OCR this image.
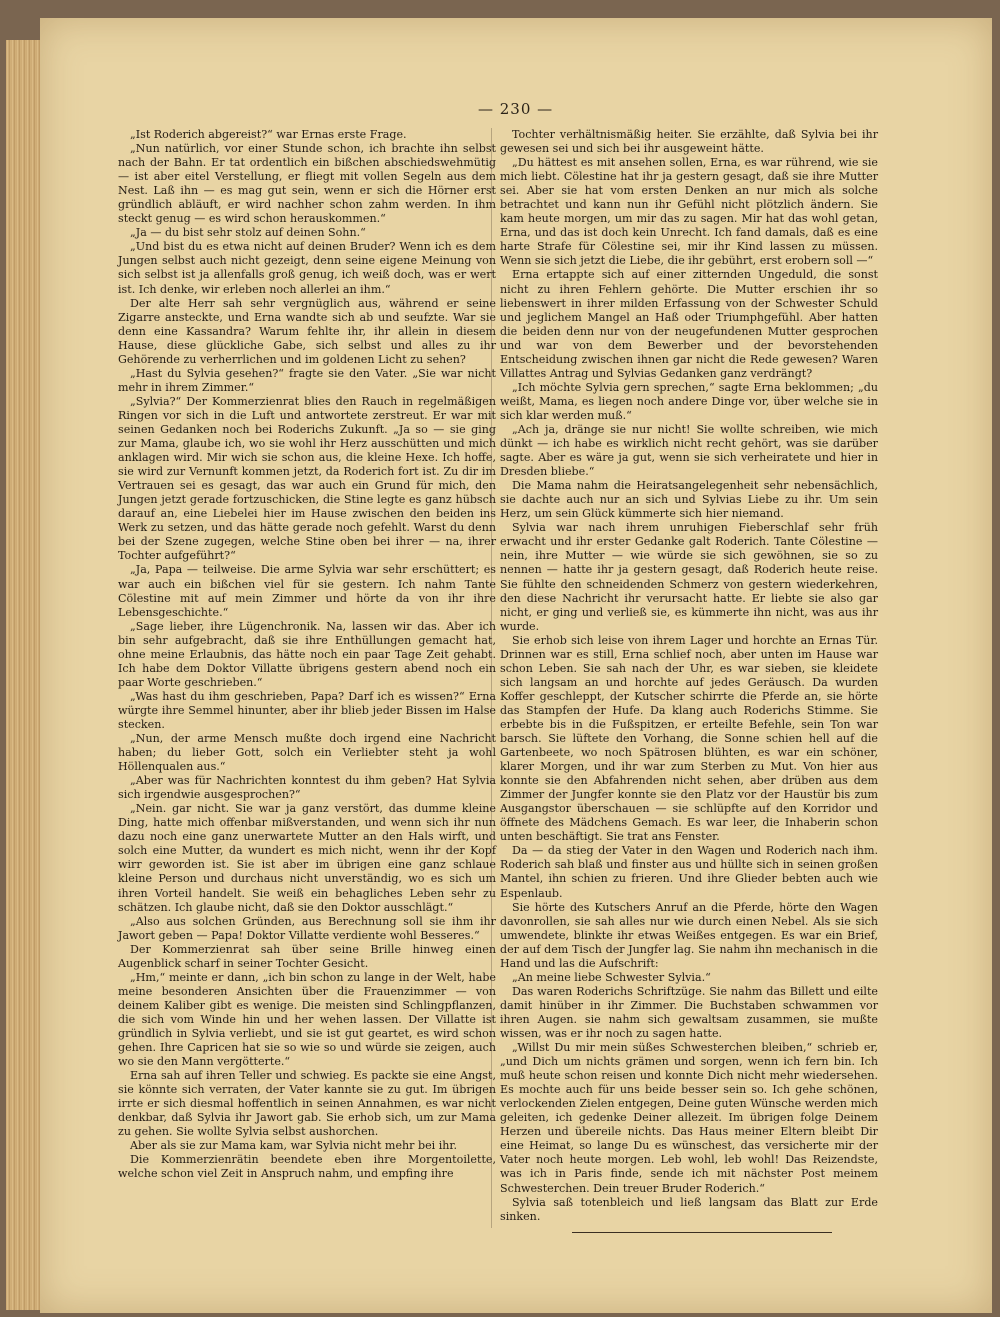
— 230 —

„Ist Roderich abgereist?“ war Ernas erste Frage.

„Nun natürlich, vor einer Stunde schon, ich brachte ihn selbst nach der Bahn. Er tat ordentlich ein bißchen abschiedswehmütig — ist aber eitel Verstellung, er fliegt mit vollen Segeln aus dem Nest. Laß ihn — es mag gut sein, wenn er sich die Hörner erst gründlich abläuft, er wird nachher schon zahm werden. In ihm steckt genug — es wird schon herauskommen.“

„Ja — du bist sehr stolz auf deinen Sohn.“

„Und bist du es etwa nicht auf deinen Bruder? Wenn ich es dem Jungen selbst auch nicht gezeigt, denn seine eigene Meinung von sich selbst ist ja allenfalls groß genug, ich weiß doch, was er wert ist. Ich denke, wir erleben noch allerlei an ihm.“

Der alte Herr sah sehr vergnüglich aus, während er seine Zigarre ansteckte, und Erna wandte sich ab und seufzte. War sie denn eine Kassandra? Warum fehlte ihr, ihr allein in diesem Hause, diese glückliche Gabe, sich selbst und alles zu ihr Gehörende zu verherrlichen und im goldenen Licht zu sehen?

„Hast du Sylvia gesehen?“ fragte sie den Vater. „Sie war nicht mehr in ihrem Zimmer.“

„Sylvia?“ Der Kommerzienrat blies den Rauch in regelmäßigen Ringen vor sich in die Luft und antwortete zerstreut. Er war mit seinen Gedanken noch bei Roderichs Zukunft. „Ja so — sie ging zur Mama, glaube ich, wo sie wohl ihr Herz ausschütten und mich anklagen wird. Mir wich sie schon aus, die kleine Hexe. Ich hoffe, sie wird zur Vernunft kommen jetzt, da Roderich fort ist. Zu dir im Vertrauen sei es gesagt, das war auch ein Grund für mich, den Jungen jetzt gerade fortzuschicken, die Stine legte es ganz hübsch darauf an, eine Liebelei hier im Hause zwischen den beiden ins Werk zu setzen, und das hätte gerade noch gefehlt. Warst du denn bei der Szene zugegen, welche Stine oben bei ihrer — na, ihrer Tochter aufgeführt?“

„Ja, Papa — teilweise. Die arme Sylvia war sehr erschüttert; es war auch ein bißchen viel für sie gestern. Ich nahm Tante Cölestine mit auf mein Zimmer und hörte da von ihr ihre Lebensgeschichte.“

„Sage lieber, ihre Lügenchronik. Na, lassen wir das. Aber ich bin sehr aufgebracht, daß sie ihre Enthüllungen gemacht hat, ohne meine Erlaubnis, das hätte noch ein paar Tage Zeit gehabt. Ich habe dem Doktor Villatte übrigens gestern abend noch ein paar Worte geschrieben.“

„Was hast du ihm geschrieben, Papa? Darf ich es wissen?“ Erna würgte ihre Semmel hinunter, aber ihr blieb jeder Bissen im Halse stecken.

„Nun, der arme Mensch mußte doch irgend eine Nachricht haben; du lieber Gott, solch ein Verliebter steht ja wohl Höllenqualen aus.“

„Aber was für Nachrichten konntest du ihm geben? Hat Sylvia sich irgendwie ausgesprochen?“

„Nein. gar nicht. Sie war ja ganz verstört, das dumme kleine Ding, hatte mich offenbar mißverstanden, und wenn sich ihr nun dazu noch eine ganz unerwartete Mutter an den Hals wirft, und solch eine Mutter, da wundert es mich nicht, wenn ihr der Kopf wirr geworden ist. Sie ist aber im übrigen eine ganz schlaue kleine Person und durchaus nicht unverständig, wo es sich um ihren Vorteil handelt. Sie weiß ein behagliches Leben sehr zu schätzen. Ich glaube nicht, daß sie den Doktor ausschlägt.“

„Also aus solchen Gründen, aus Berechnung soll sie ihm ihr Jawort geben — Papa! Doktor Villatte verdiente wohl Besseres.“

Der Kommerzienrat sah über seine Brille hinweg einen Augenblick scharf in seiner Tochter Gesicht.

„Hm,“ meinte er dann, „ich bin schon zu lange in der Welt, habe meine besonderen Ansichten über die Frauenzimmer — von deinem Kaliber gibt es wenige. Die meisten sind Schlingpflanzen, die sich vom Winde hin und her wehen lassen. Der Villatte ist gründlich in Sylvia verliebt, und sie ist gut geartet, es wird schon gehen. Ihre Capricen hat sie so wie so und würde sie zeigen, auch wo sie den Mann vergötterte.“

Erna sah auf ihren Teller und schwieg. Es packte sie eine Angst, sie könnte sich verraten, der Vater kannte sie zu gut. Im übrigen irrte er sich diesmal hoffentlich in seinen Annahmen, es war nicht denkbar, daß Sylvia ihr Jawort gab. Sie erhob sich, um zur Mama zu gehen. Sie wollte Sylvia selbst aushorchen.

Aber als sie zur Mama kam, war Sylvia nicht mehr bei ihr.

Die Kommerzienrätin beendete eben ihre Morgentoilette, welche schon viel Zeit in Anspruch nahm, und empfing ihre

Tochter verhältnismäßig heiter. Sie erzählte, daß Sylvia bei ihr gewesen sei und sich bei ihr ausgeweint hätte.

„Du hättest es mit ansehen sollen, Erna, es war rührend, wie sie mich liebt. Cölestine hat ihr ja gestern gesagt, daß sie ihre Mutter sei. Aber sie hat vom ersten Denken an nur mich als solche betrachtet und kann nun ihr Gefühl nicht plötzlich ändern. Sie kam heute morgen, um mir das zu sagen. Mir hat das wohl getan, Erna, und das ist doch kein Unrecht. Ich fand damals, daß es eine harte Strafe für Cölestine sei, mir ihr Kind lassen zu müssen. Wenn sie sich jetzt die Liebe, die ihr gebührt, erst erobern soll —“

Erna ertappte sich auf einer zitternden Ungeduld, die sonst nicht zu ihren Fehlern gehörte. Die Mutter erschien ihr so liebenswert in ihrer milden Erfassung von der Schwester Schuld und jeglichem Mangel an Haß oder Triumphgefühl. Aber hatten die beiden denn nur von der neugefundenen Mutter gesprochen und war von dem Bewerber und der bevorstehenden Entscheidung zwischen ihnen gar nicht die Rede gewesen? Waren Villattes Antrag und Sylvias Gedanken ganz verdrängt?

„Ich möchte Sylvia gern sprechen,“ sagte Erna beklommen; „du weißt, Mama, es liegen noch andere Dinge vor, über welche sie in sich klar werden muß.“

„Ach ja, dränge sie nur nicht! Sie wollte schreiben, wie mich dünkt — ich habe es wirklich nicht recht gehört, was sie darüber sagte. Aber es wäre ja gut, wenn sie sich verheiratete und hier in Dresden bliebe.“

Die Mama nahm die Heiratsangelegenheit sehr nebensächlich, sie dachte auch nur an sich und Sylvias Liebe zu ihr. Um sein Herz, um sein Glück kümmerte sich hier niemand.

Sylvia war nach ihrem unruhigen Fieberschlaf sehr früh erwacht und ihr erster Gedanke galt Roderich. Tante Cölestine — nein, ihre Mutter — wie würde sie sich gewöhnen, sie so zu nennen — hatte ihr ja gestern gesagt, daß Roderich heute reise. Sie fühlte den schneidenden Schmerz von gestern wiederkehren, den diese Nachricht ihr verursacht hatte. Er liebte sie also gar nicht, er ging und verließ sie, es kümmerte ihn nicht, was aus ihr wurde.

Sie erhob sich leise von ihrem Lager und horchte an Ernas Tür. Drinnen war es still, Erna schlief noch, aber unten im Hause war schon Leben. Sie sah nach der Uhr, es war sieben, sie kleidete sich langsam an und horchte auf jedes Geräusch. Da wurden Koffer geschleppt, der Kutscher schirrte die Pferde an, sie hörte das Stampfen der Hufe. Da klang auch Roderichs Stimme. Sie erbebte bis in die Fußspitzen, er erteilte Befehle, sein Ton war barsch. Sie lüftete den Vorhang, die Sonne schien hell auf die Gartenbeete, wo noch Spätrosen blühten, es war ein schöner, klarer Morgen, und ihr war zum Sterben zu Mut. Von hier aus konnte sie den Abfahrenden nicht sehen, aber drüben aus dem Zimmer der Jungfer konnte sie den Platz vor der Haustür bis zum Ausgangstor überschauen — sie schlüpfte auf den Korridor und öffnete des Mädchens Gemach. Es war leer, die Inhaberin schon unten beschäftigt. Sie trat ans Fenster.

Da — da stieg der Vater in den Wagen und Roderich nach ihm. Roderich sah blaß und finster aus und hüllte sich in seinen großen Mantel, ihn schien zu frieren. Und ihre Glieder bebten auch wie Espenlaub.

Sie hörte des Kutschers Anruf an die Pferde, hörte den Wagen davonrollen, sie sah alles nur wie durch einen Nebel. Als sie sich umwendete, blinkte ihr etwas Weißes entgegen. Es war ein Brief, der auf dem Tisch der Jungfer lag. Sie nahm ihn mechanisch in die Hand und las die Aufschrift:

„An meine liebe Schwester Sylvia.“

Das waren Roderichs Schriftzüge. Sie nahm das Billett und eilte damit hinüber in ihr Zimmer. Die Buchstaben schwammen vor ihren Augen. sie nahm sich gewaltsam zusammen, sie mußte wissen, was er ihr noch zu sagen hatte.

„Willst Du mir mein süßes Schwesterchen bleiben,“ schrieb er, „und Dich um nichts grämen und sorgen, wenn ich fern bin. Ich muß heute schon reisen und konnte Dich nicht mehr wiedersehen. Es mochte auch für uns beide besser sein so. Ich gehe schönen, verlockenden Zielen entgegen, Deine guten Wünsche werden mich geleiten, ich gedenke Deiner allezeit. Im übrigen folge Deinem Herzen und übereile nichts. Das Haus meiner Eltern bleibt Dir eine Heimat, so lange Du es wünschest, das versicherte mir der Vater noch heute morgen. Leb wohl, leb wohl! Das Reizendste, was ich in Paris finde, sende ich mit nächster Post meinem Schwesterchen. Dein treuer Bruder Roderich.“

Sylvia saß totenbleich und ließ langsam das Blatt zur Erde sinken.
